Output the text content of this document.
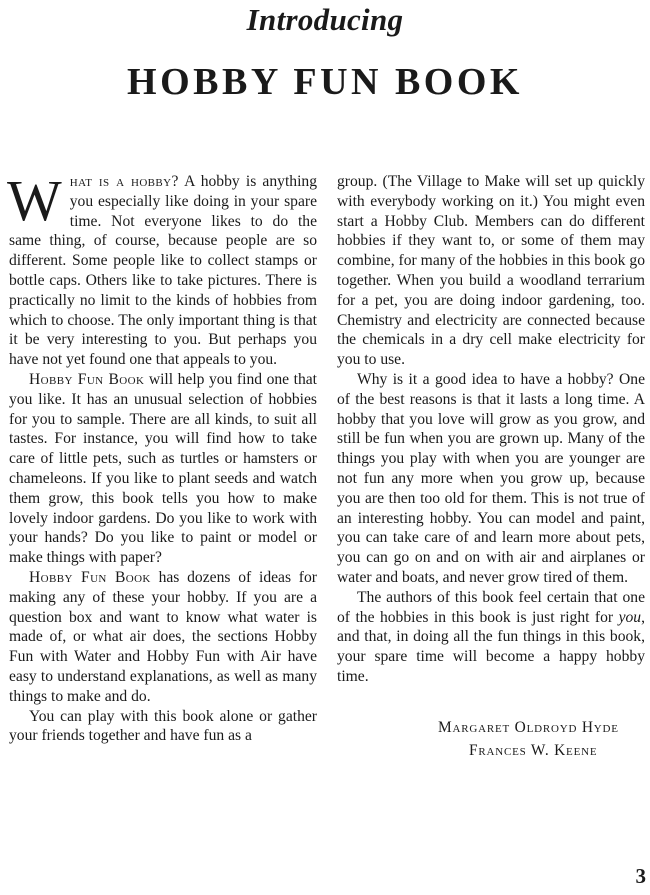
Introducing
HOBBY FUN BOOK

What is a hobby? A hobby is anything you especially like doing in your spare time. Not everyone likes to do the same thing, of course, because people are so different. Some people like to collect stamps or bottle caps. Others like to take pictures. There is practically no limit to the kinds of hobbies from which to choose. The only important thing is that it be very interesting to you. But perhaps you have not yet found one that appeals to you.

Hobby Fun Book will help you find one that you like. It has an unusual selection of hobbies for you to sample. There are all kinds, to suit all tastes. For instance, you will find how to take care of little pets, such as turtles or hamsters or chameleons. If you like to plant seeds and watch them grow, this book tells you how to make lovely indoor gardens. Do you like to work with your hands? Do you like to paint or model or make things with paper?

Hobby Fun Book has dozens of ideas for making any of these your hobby. If you are a question box and want to know what water is made of, or what air does, the sections Hobby Fun with Water and Hobby Fun with Air have easy to understand explanations, as well as many things to make and do.

You can play with this book alone or gather your friends together and have fun as a

group. (The Village to Make will set up quickly with everybody working on it.) You might even start a Hobby Club. Members can do different hobbies if they want to, or some of them may combine, for many of the hobbies in this book go together. When you build a woodland terrarium for a pet, you are doing indoor gardening, too. Chemistry and electricity are connected because the chemicals in a dry cell make electricity for you to use.

Why is it a good idea to have a hobby? One of the best reasons is that it lasts a long time. A hobby that you love will grow as you grow, and still be fun when you are grown up. Many of the things you play with when you are younger are not fun any more when you grow up, because you are then too old for them. This is not true of an interesting hobby. You can model and paint, you can take care of and learn more about pets, you can go on and on with air and airplanes or water and boats, and never grow tired of them.

The authors of this book feel certain that one of the hobbies in this book is just right for you, and that, in doing all the fun things in this book, your spare time will become a happy hobby time.

Margaret Oldroyd Hyde
Frances W. Keene
3
